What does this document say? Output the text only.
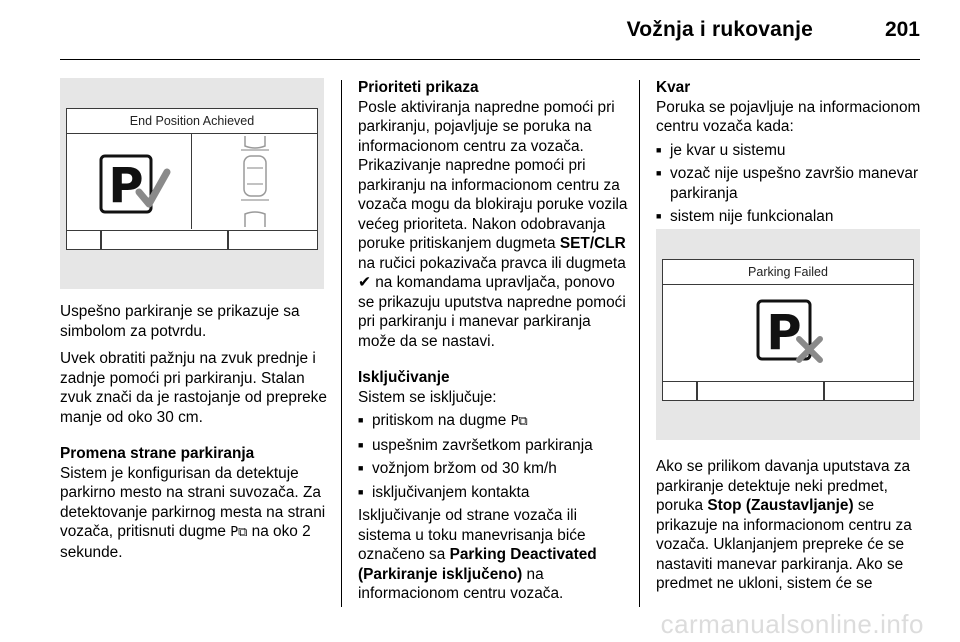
Vožnja i rukovanje	201
End Position Achieved
P

Uspešno parkiranje se prikazuje sa simbolom za potvrdu.

Uvek obratiti pažnju na zvuk prednje i zadnje pomoći pri parkiranju. Stalan zvuk znači da je rastojanje od prepreke manje od oko 30 cm.

Promena strane parkiranja

Sistem je konfigurisan da detektuje parkirno mesto na strani suvozača. Za detektovanje parkirnog mesta na strani vozača, pritisnuti dugme P⧉ na oko 2 sekunde.

Prioriteti prikaza

Posle aktiviranja napredne pomoći pri parkiranju, pojavljuje se poruka na informacionom centru za vozača. Prikazivanje napredne pomoći pri parkiranju na informacionom centru za vozača mogu da blokiraju poruke vozila većeg prioriteta. Nakon odobravanja poruke pritiskanjem dugmeta SET/CLR na ručici pokazivača pravca ili dugmeta ✔ na komandama upravljača, ponovo se prikazuju uputstva napredne pomoći pri parkiranju i manevar parkiranja može da se nastavi.

Isključivanje

Sistem se isključuje:

■ pritiskom na dugme P⧉
■ uspešnim završetkom parkiranja
■ vožnjom bržom od 30 km/h
■ isključivanjem kontakta

Isključivanje od strane vozača ili sistema u toku manevrisanja biće označeno sa Parking Deactivated (Parkiranje isključeno) na informacionom centru vozača.

Kvar

Poruka se pojavljuje na informacionom centru vozača kada:

■ je kvar u sistemu
■ vozač nije uspešno završio manevar parkiranja
■ sistem nije funkcionalan
Parking Failed
P

Ako se prilikom davanja uputstava za parkiranje detektuje neki predmet, poruka Stop (Zaustavljanje) se prikazuje na informacionom centru za vozača. Uklanjanjem prepreke će se nastaviti manevar parkiranja. Ako se predmet ne ukloni, sistem će se

carmanualsonline.info
